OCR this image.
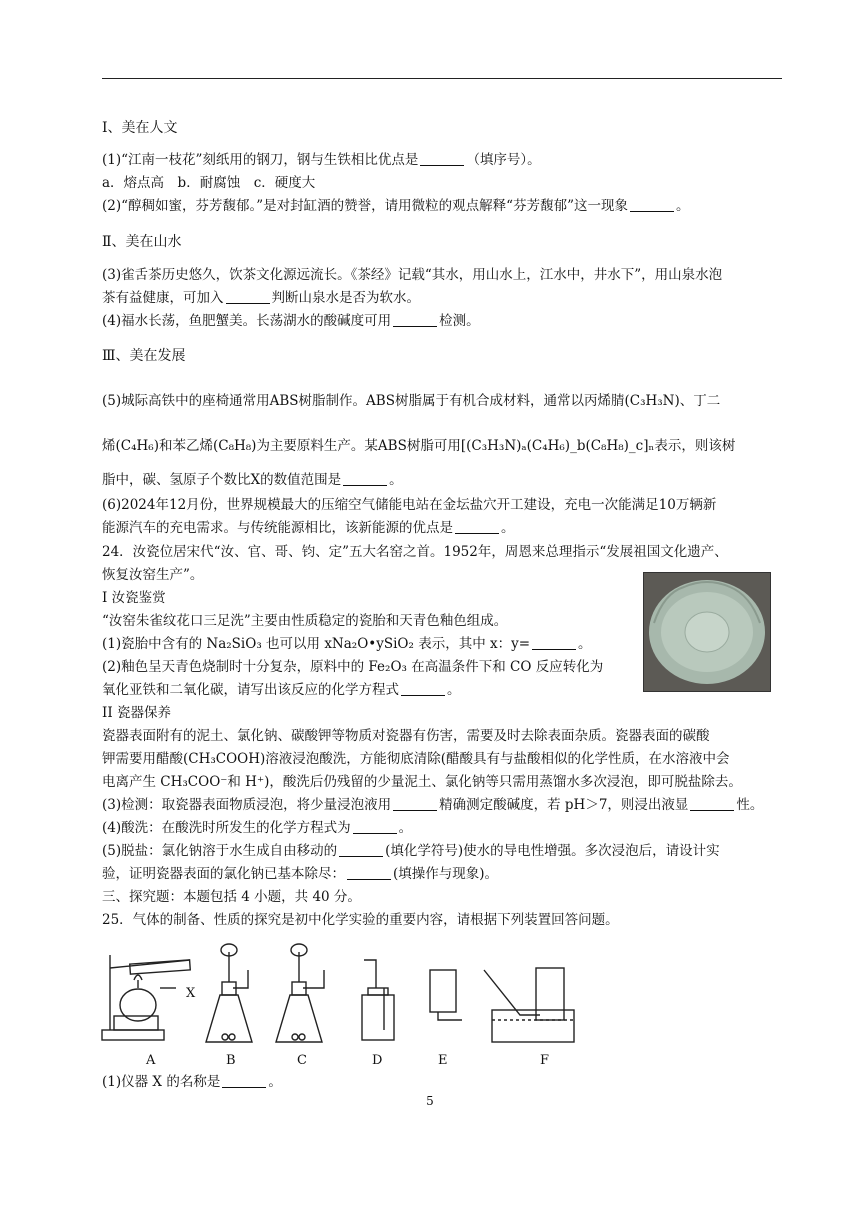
Ⅰ、美在人文
(1)“江南一枝花”刻纸用的钢刀，钢与生铁相比优点是	（填序号）。
a．熔点高　b．耐腐蚀　c．硬度大
(2)“醇稠如蜜，芬芳馥郁。”是对封缸酒的赞誉，请用微粒的观点解释“芬芳馥郁”这一现象	。
Ⅱ、美在山水
(3)雀舌茶历史悠久，饮茶文化源远流长。《茶经》记载“其水，用山水上，江水中，井水下”，用山泉水泡
茶有益健康，可加入	判断山泉水是否为软水。
(4)福水长荡，鱼肥蟹美。长荡湖水的酸碱度可用	检测。
Ⅲ、美在发展
(5)城际高铁中的座椅通常用ABS树脂制作。ABS树脂属于有机合成材料，通常以丙烯腈(C₃H₃N)、丁二
烯(C₄H₆)和苯乙烯(C₈H₈)为主要原料生产。某ABS树脂可用[(C₃H₃N)ₐ(C₄H₆)_b(C₈H₈)_c]ₙ表示，则该树
脂中，碳、氢原子个数比X的数值范围是	。
(6)2024年12月份，世界规模最大的压缩空气储能电站在金坛盐穴开工建设，充电一次能满足10万辆新
能源汽车的充电需求。与传统能源相比，该新能源的优点是	。
24．汝瓷位居宋代“汝、官、哥、钧、定”五大名窑之首。1952年，周恩来总理指示“发展祖国文化遗产、
恢复汝窑生产”。
I 汝瓷鉴赏
“汝窑朱雀纹花口三足洗”主要由性质稳定的瓷胎和天青色釉色组成。
(1)瓷胎中含有的 Na₂SiO₃ 也可以用 xNa₂O•ySiO₂ 表示，其中 x：y=	。
(2)釉色呈天青色烧制时十分复杂，原料中的 Fe₂O₃ 在高温条件下和 CO 反应转化为
氧化亚铁和二氧化碳，请写出该反应的化学方程式	。
II 瓷器保养
瓷器表面附有的泥土、氯化钠、碳酸钾等物质对瓷器有伤害，需要及时去除表面杂质。瓷器表面的碳酸
钾需要用醋酸(CH₃COOH)溶液浸泡酸洗，方能彻底清除(醋酸具有与盐酸相似的化学性质，在水溶液中会
电离产生 CH₃COO⁻和 H⁺)，酸洗后仍残留的少量泥土、氯化钠等只需用蒸馏水多次浸泡，即可脱盐除去。
(3)检测：取瓷器表面物质浸泡，将少量浸泡液用	精确测定酸碱度，若 pH＞7，则浸出液显	性。
(4)酸洗：在酸洗时所发生的化学方程式为	。
(5)脱盐：氯化钠溶于水生成自由移动的	(填化学符号)使水的导电性增强。多次浸泡后，请设计实
验，证明瓷器表面的氯化钠已基本除尽：	(填操作与现象)。
三、探究题：本题包括 4 小题，共 40 分。
25．气体的制备、性质的探究是初中化学实验的重要内容，请根据下列装置回答问题。
X
A	B	C	D	E	F
(1)仪器 X 的名称是	。
5
